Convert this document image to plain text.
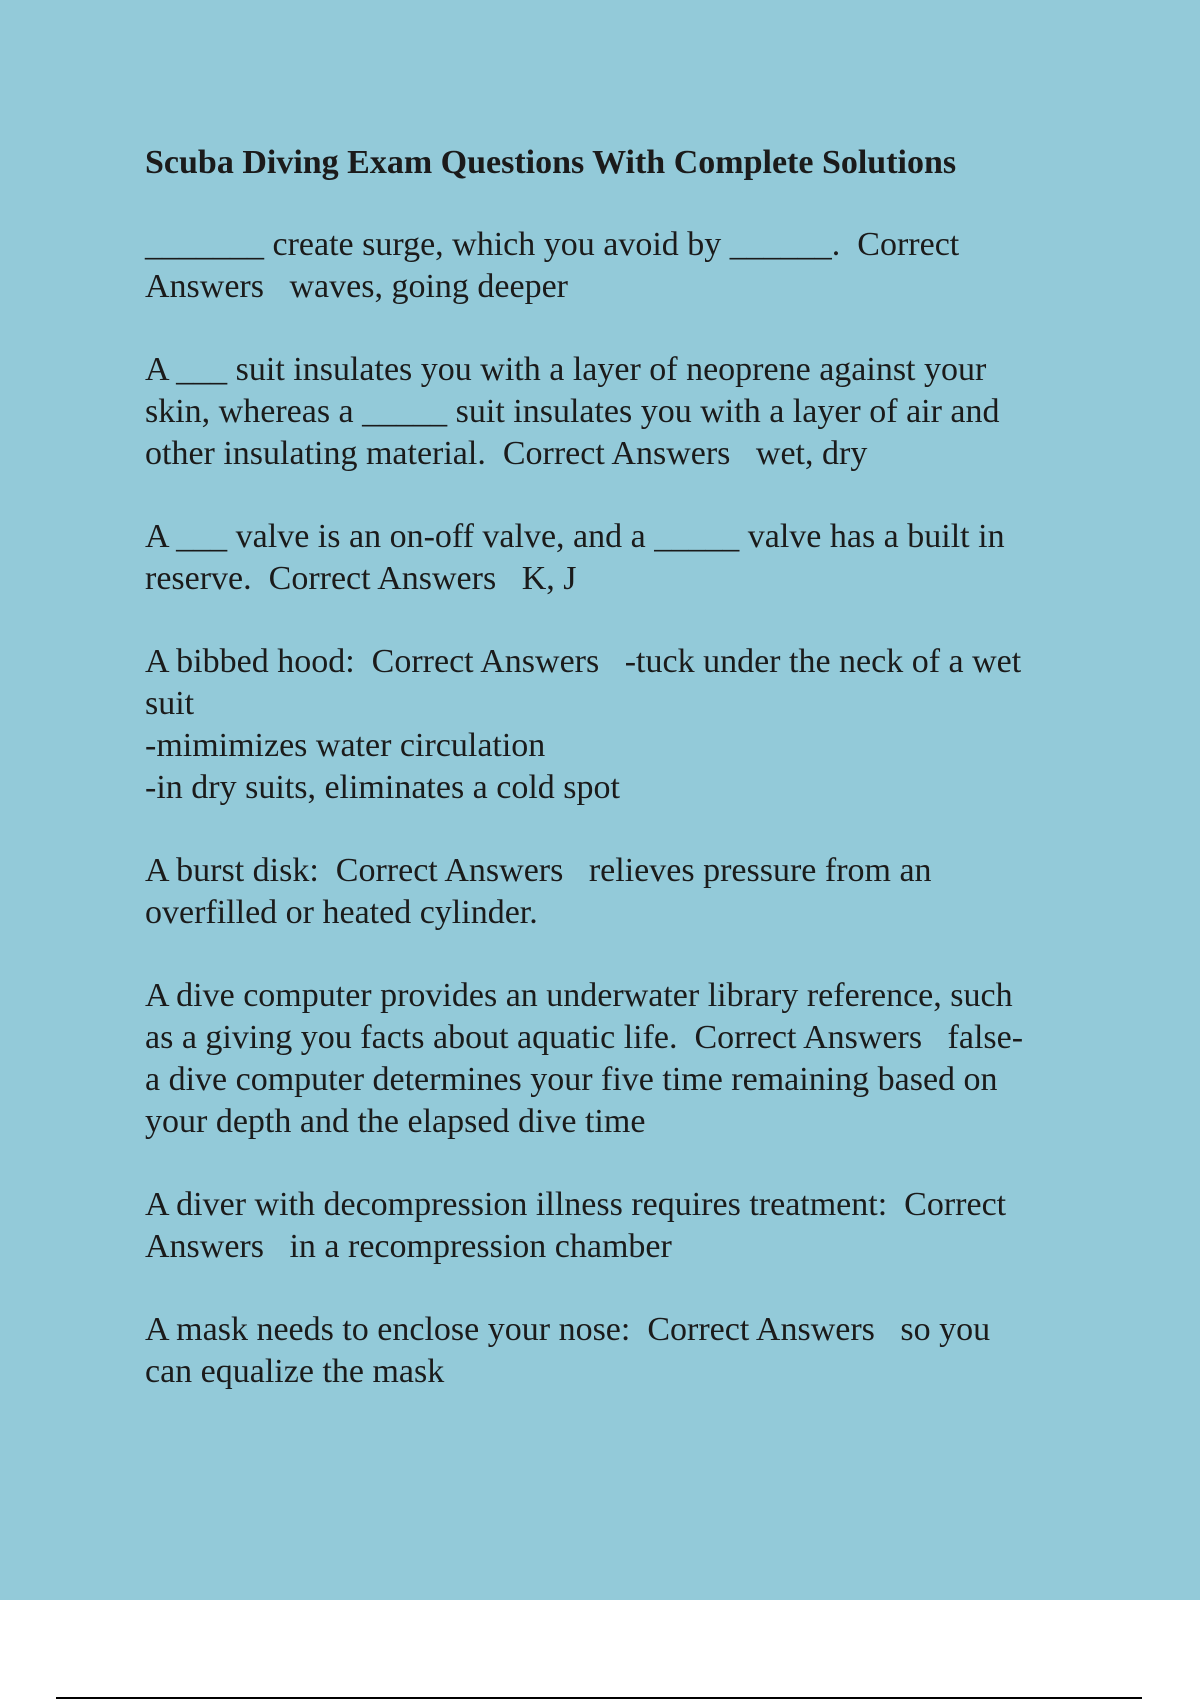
Scuba Diving Exam Questions With Complete Solutions
_______ create surge, which you avoid by ______.  Correct
Answers   waves, going deeper
A ___ suit insulates you with a layer of neoprene against your
skin, whereas a _____ suit insulates you with a layer of air and
other insulating material.  Correct Answers   wet, dry
A ___ valve is an on-off valve, and a _____ valve has a built in
reserve.  Correct Answers   K, J
A bibbed hood:  Correct Answers   -tuck under the neck of a wet
suit
-mimimizes water circulation
-in dry suits, eliminates a cold spot
A burst disk:  Correct Answers   relieves pressure from an
overfilled or heated cylinder.
A dive computer provides an underwater library reference, such
as a giving you facts about aquatic life.  Correct Answers   false-
a dive computer determines your five time remaining based on
your depth and the elapsed dive time
A diver with decompression illness requires treatment:  Correct
Answers   in a recompression chamber
A mask needs to enclose your nose:  Correct Answers   so you
can equalize the mask
